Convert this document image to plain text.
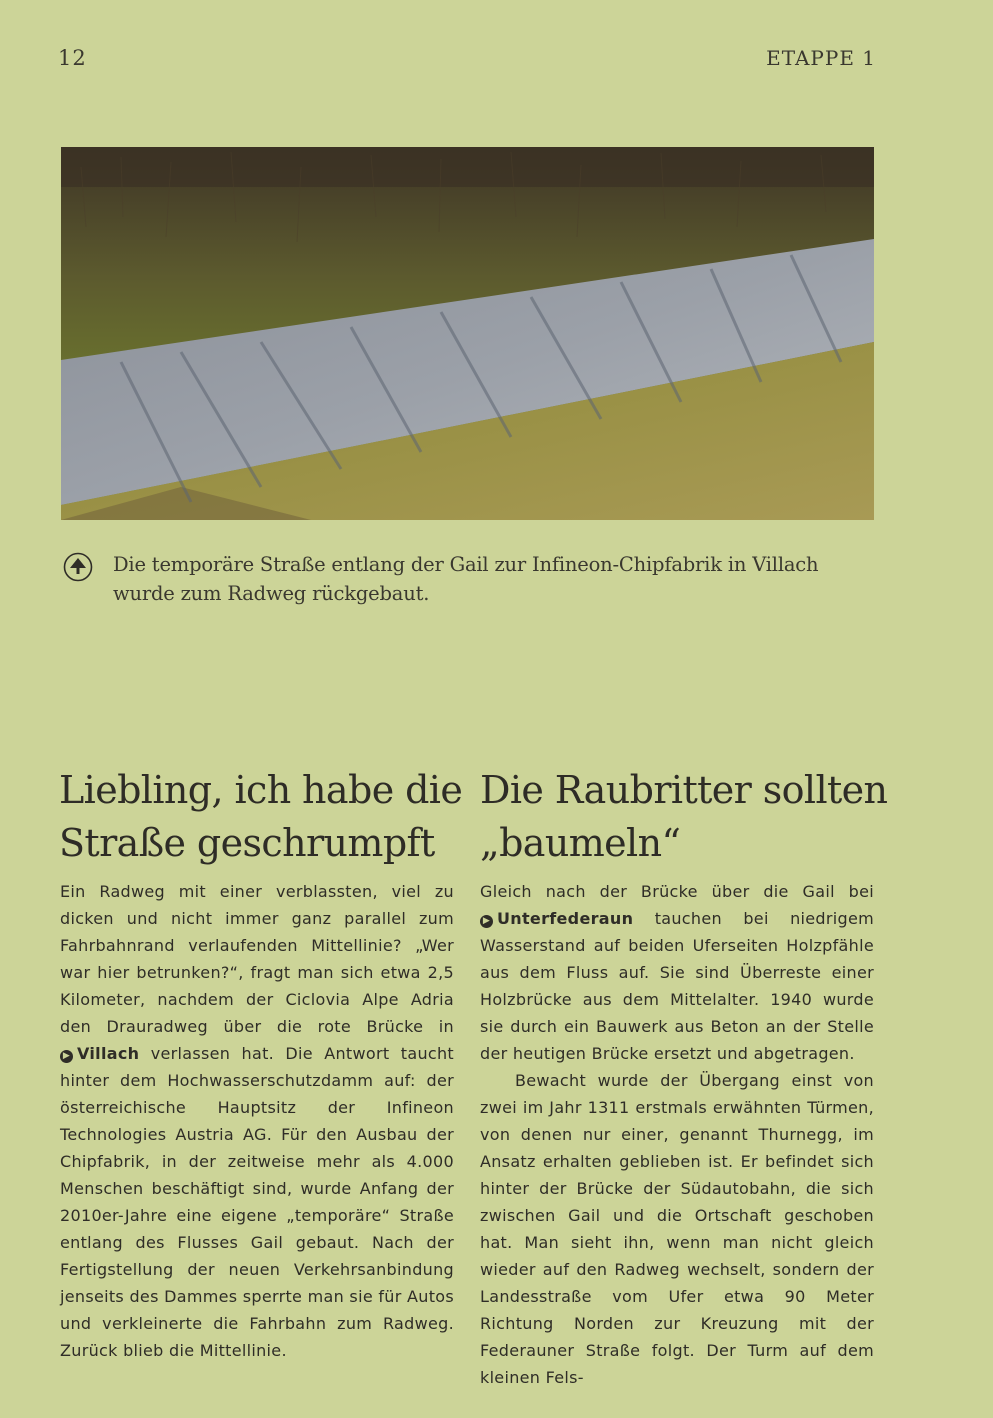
12	ETAPPE 1
Die temporäre Straße entlang der Gail zur Infineon-Chipfabrik in Villach wurde zum Radweg rückgebaut.
Liebling, ich habe die Straße geschrumpft

Ein Radweg mit einer verblassten, viel zu dicken und nicht immer ganz parallel zum Fahrbahnrand verlaufenden Mittellinie? „Wer war hier betrunken?“, fragt man sich etwa 2,5 Kilometer, nachdem der Ciclovia Alpe Adria den Drauradweg über die rote Brücke in ▶ Villach verlassen hat. Die Antwort taucht hinter dem Hochwasserschutzdamm auf: der österreichische Hauptsitz der Infineon Technologies Austria AG. Für den Ausbau der Chipfabrik, in der zeitweise mehr als 4.000 Menschen beschäftigt sind, wurde Anfang der 2010er-Jahre eine eigene „temporäre“ Straße entlang des Flusses Gail gebaut. Nach der Fertigstellung der neuen Verkehrsanbindung jenseits des Dammes sperrte man sie für Autos und verkleinerte die Fahrbahn zum Radweg. Zurück blieb die Mittellinie.

Die Raubritter sollten „baumeln“

Gleich nach der Brücke über die Gail bei ▶ Unterfederaun tauchen bei niedrigem Wasserstand auf beiden Uferseiten Holzpfähle aus dem Fluss auf. Sie sind Überreste einer Holzbrücke aus dem Mittelalter. 1940 wurde sie durch ein Bauwerk aus Beton an der Stelle der heutigen Brücke ersetzt und abgetragen.

Bewacht wurde der Übergang einst von zwei im Jahr 1311 erstmals erwähnten Türmen, von denen nur einer, genannt Thurnegg, im Ansatz erhalten geblieben ist. Er befindet sich hinter der Brücke der Südautobahn, die sich zwischen Gail und die Ortschaft geschoben hat. Man sieht ihn, wenn man nicht gleich wieder auf den Radweg wechselt, sondern der Landesstraße vom Ufer etwa 90 Meter Richtung Norden zur Kreuzung mit der Federauner Straße folgt. Der Turm auf dem kleinen Fels-
